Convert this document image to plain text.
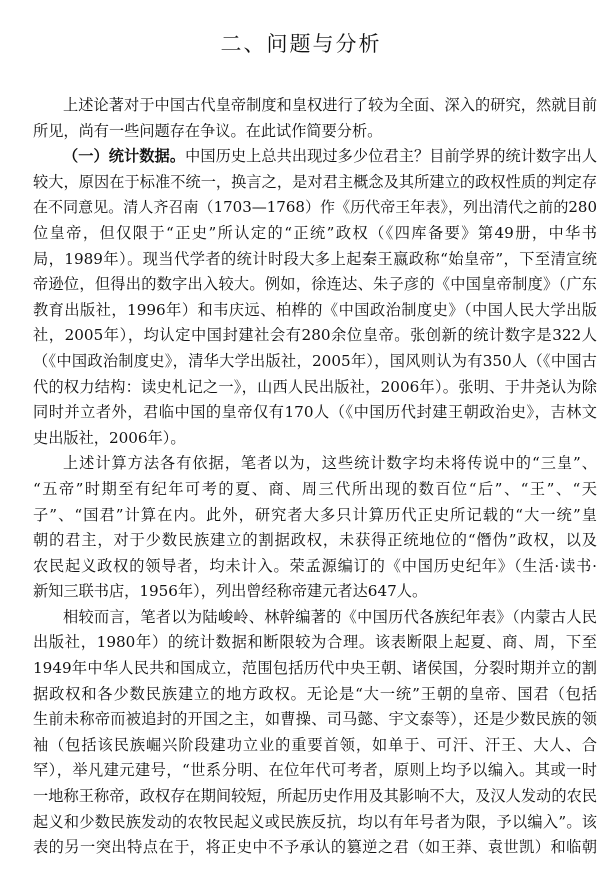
二、问题与分析
上述论著对于中国古代皇帝制度和皇权进行了较为全面、深入的研究，然就目前
所见，尚有一些问题存在争议。在此试作简要分析。
（一）统计数据。中国历史上总共出现过多少位君主？目前学界的统计数字出人
较大，原因在于标准不统一，换言之，是对君主概念及其所建立的政权性质的判定存
在不同意见。清人齐召南（1703—1768）作《历代帝王年表》，列出清代之前的280
位皇帝，但仅限于“正史”所认定的“正统”政权（《四库备要》第49册，中华书
局，1989年）。现当代学者的统计时段大多上起秦王嬴政称“始皇帝”，下至清宣统
帝逊位，但得出的数字出入较大。例如，徐连达、朱子彦的《中国皇帝制度》（广东
教育出版社，1996年）和韦庆远、柏桦的《中国政治制度史》（中国人民大学出版
社，2005年），均认定中国封建社会有280余位皇帝。张创新的统计数字是322人
（《中国政治制度史》，清华大学出版社，2005年），国风则认为有350人（《中国古
代的权力结构：读史札记之一》，山西人民出版社，2006年）。张明、于井尧认为除
同时并立者外，君临中国的皇帝仅有170人（《中国历代封建王朝政治史》，吉林文
史出版社，2006年）。
上述计算方法各有依据，笔者以为，这些统计数字均未将传说中的“三皇”、
“五帝”时期至有纪年可考的夏、商、周三代所出现的数百位“后”、“王”、“天
子”、“国君”计算在内。此外，研究者大多只计算历代正史所记载的“大一统”皇
朝的君主，对于少数民族建立的割据政权，未获得正统地位的“僭伪”政权，以及
农民起义政权的领导者，均未计入。荣孟源编订的《中国历史纪年》（生活·读书·
新知三联书店，1956年），列出曾经称帝建元者达647人。
相较而言，笔者以为陆峻岭、林幹编著的《中国历代各族纪年表》（内蒙古人民
出版社，1980年）的统计数据和断限较为合理。该表断限上起夏、商、周，下至
1949年中华人民共和国成立，范围包括历代中央王朝、诸侯国，分裂时期并立的割
据政权和各少数民族建立的地方政权。无论是“大一统”王朝的皇帝、国君（包括
生前未称帝而被追封的开国之主，如曹操、司马懿、宇文泰等），还是少数民族的领
袖（包括该民族崛兴阶段建功立业的重要首领，如单于、可汗、汗王、大人、合
罕），举凡建元建号，“世系分明、在位年代可考者，原则上均予以编入。其或一时
一地称王称帝，政权存在期间较短，所起历史作用及其影响不大，及汉人发动的农民
起义和少数民族发动的农牧民起义或民族反抗，均以有年号者为限，予以编入”。该
表的另一突出特点在于，将正史中不予承认的篡逆之君（如王莽、袁世凯）和临朝
